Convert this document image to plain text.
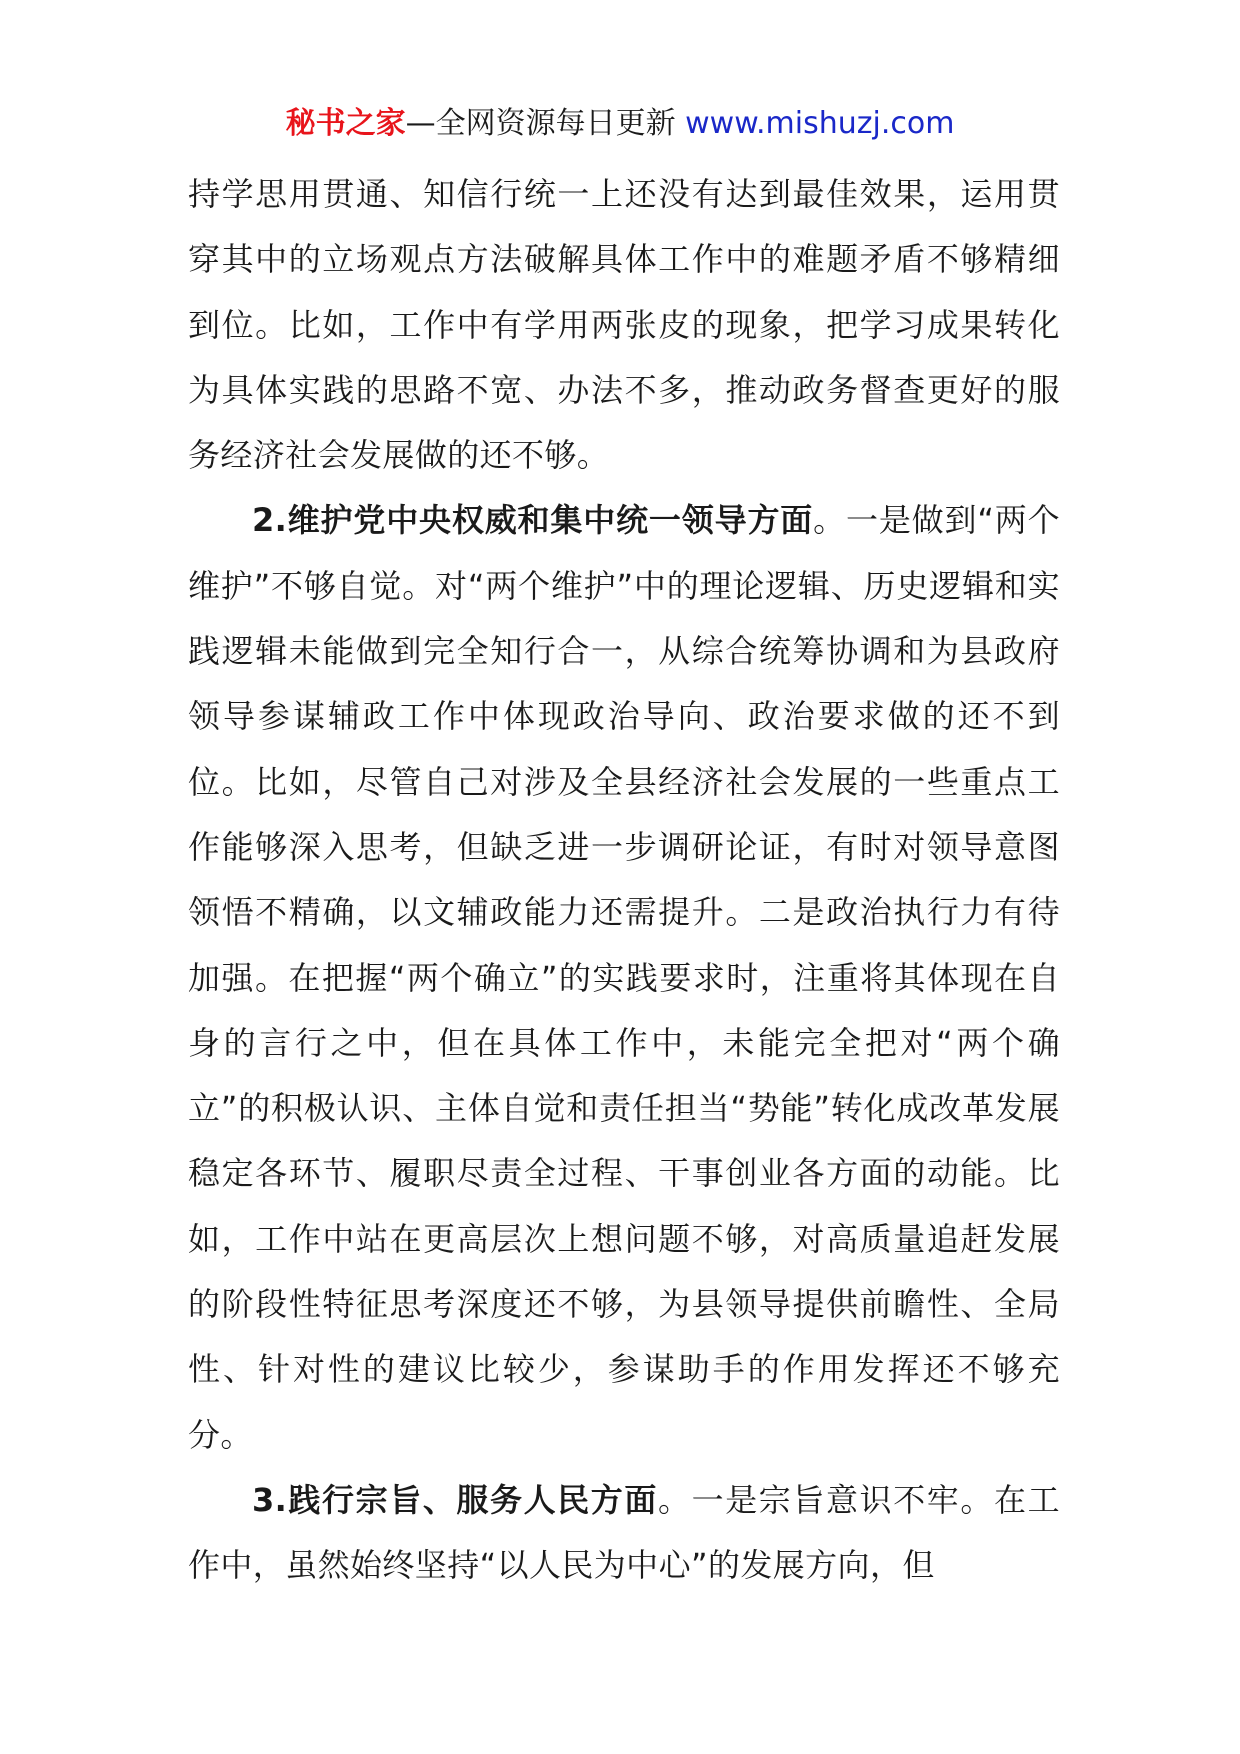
秘书之家—全网资源每日更新 www.mishuzj.com

持学思用贯通、知信行统一上还没有达到最佳效果，运用贯穿其中的立场观点方法破解具体工作中的难题矛盾不够精细到位。比如，工作中有学用两张皮的现象，把学习成果转化为具体实践的思路不宽、办法不多，推动政务督查更好的服务经济社会发展做的还不够。

2.维护党中央权威和集中统一领导方面。一是做到“两个维护”不够自觉。对“两个维护”中的理论逻辑、历史逻辑和实践逻辑未能做到完全知行合一，从综合统筹协调和为县政府领导参谋辅政工作中体现政治导向、政治要求做的还不到位。比如，尽管自己对涉及全县经济社会发展的一些重点工作能够深入思考，但缺乏进一步调研论证，有时对领导意图领悟不精确，以文辅政能力还需提升。二是政治执行力有待加强。在把握“两个确立”的实践要求时，注重将其体现在自身的言行之中，但在具体工作中，未能完全把对“两个确立”的积极认识、主体自觉和责任担当“势能”转化成改革发展稳定各环节、履职尽责全过程、干事创业各方面的动能。比如，工作中站在更高层次上想问题不够，对高质量追赶发展的阶段性特征思考深度还不够，为县领导提供前瞻性、全局性、针对性的建议比较少，参谋助手的作用发挥还不够充分。

3.践行宗旨、服务人民方面。一是宗旨意识不牢。在工作中，虽然始终坚持“以人民为中心”的发展方向，但
